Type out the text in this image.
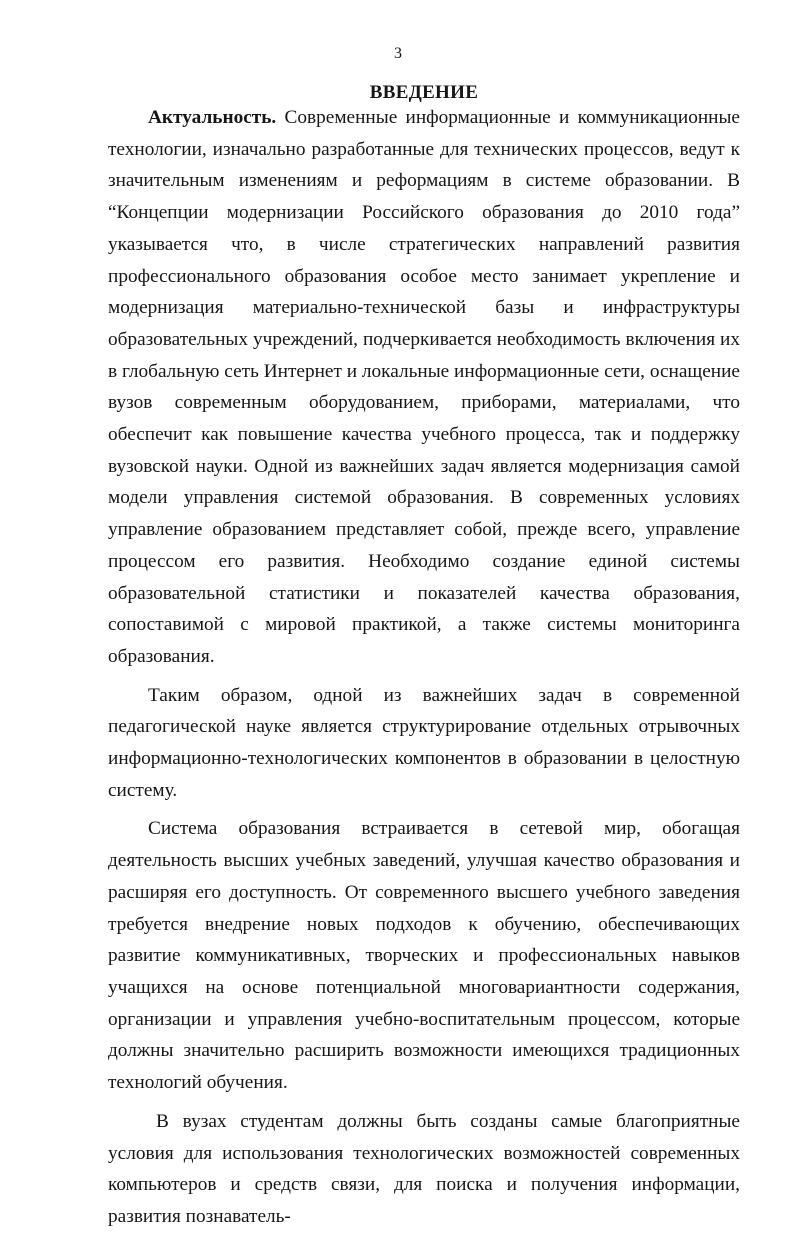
3
ВВЕДЕНИЕ

Актуальность. Современные информационные и коммуникационные технологии, изначально разработанные для технических процессов, ведут к значительным изменениям и реформациям в системе образовании. В “Концепции модернизации Российского образования до 2010 года” указывается что, в числе стратегических направлений развития профессионального образования особое место занимает укрепление и модернизация материально-технической базы и инфраструктуры образовательных учреждений, подчеркивается необходимость включения их в глобальную сеть Интернет и локальные информационные сети, оснащение вузов современным оборудованием, приборами, материалами, что обеспечит как повышение качества учебного процесса, так и поддержку вузовской науки. Одной из важнейших задач является модернизация самой модели управления системой образования. В современных условиях управление образованием представляет собой, прежде всего, управление процессом его развития. Необходимо создание единой системы образовательной статистики и показателей качества образования, сопоставимой с мировой практикой, а также системы мониторинга образования.

Таким образом, одной из важнейших задач в современной педагогической науке является структурирование отдельных отрывочных информационно-технологических компонентов в образовании в целостную систему.

Система образования встраивается в сетевой мир, обогащая деятельность высших учебных заведений, улучшая качество образования и расширяя его доступность. От современного высшего учебного заведения требуется внедрение новых подходов к обучению, обеспечивающих развитие коммуникативных, творческих и профессиональных навыков учащихся на основе потенциальной многовариантности содержания, организации и управления учебно-воспитательным процессом, которые должны значительно расширить возможности имеющихся традиционных технологий обучения.

В вузах студентам должны быть созданы самые благоприятные условия для использования технологических возможностей современных компьютеров и средств связи, для поиска и получения информации, развития познаватель-
